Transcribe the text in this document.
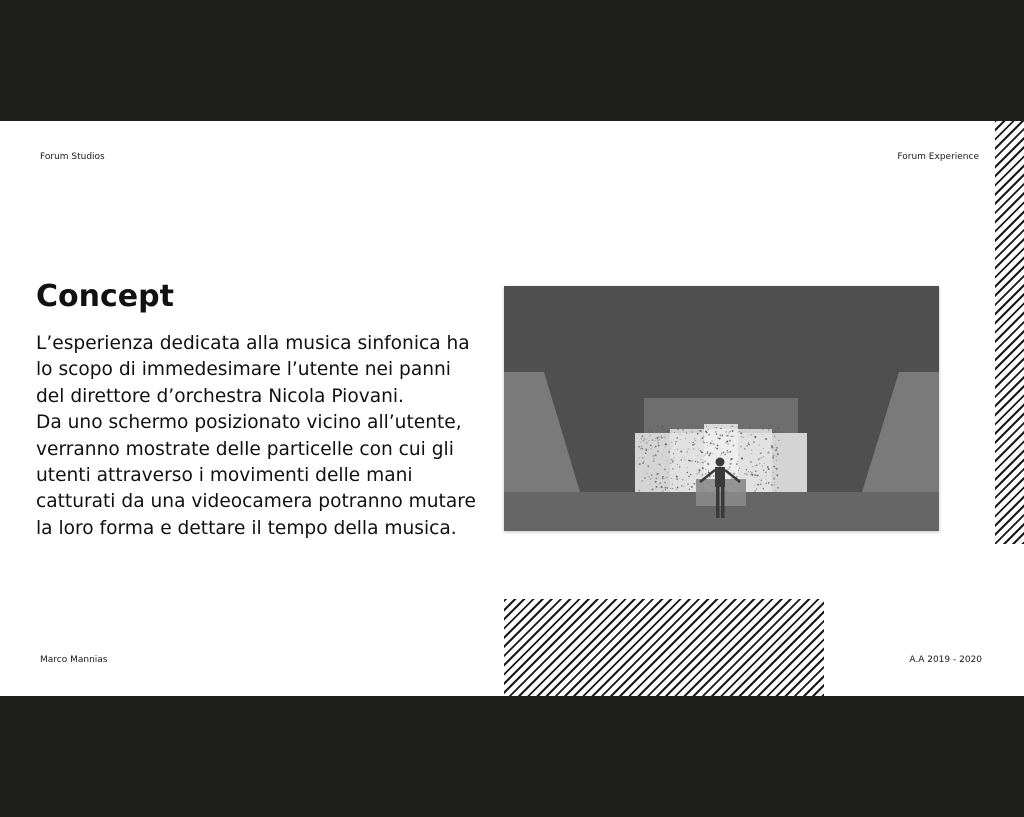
Forum Studios	Forum Experience
Concept

L’esperienza dedicata alla musica sinfonica ha
lo scopo di immedesimare l’utente nei panni
del direttore d’orchestra Nicola Piovani.
Da uno schermo posizionato vicino all’utente,
verranno mostrate delle particelle con cui gli
utenti attraverso i movimenti delle mani
catturati da una videocamera potranno mutare
la loro forma e dettare il tempo della musica.

Marco Mannias	A.A 2019 - 2020
